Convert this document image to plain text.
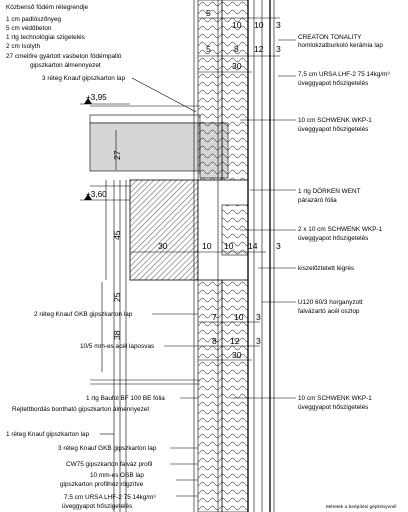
Közbenső födém rétegrendje
1 cm padlószőnyeg
5 cm védőbeton
1 rtg technológiai szigetelés
2 cm Isolyth
27 cmelőre gyártott vasbeton födémpalló
gipszkarton álmennyezet
+3,95
+3,60
3 réteg Knauf gipszkarton lap
2 réteg Knauf GKB gipszkarton lap
10/5 mm-es acél laposvas
1 rtg Baufol BF 100 BE fólia
Rejtettbordás bontható gipszkarton álmennyezet
1 réteg Knauf gipszkarton lap
3 réteg Knauf GKB gipszkarton lap
CW75 gipszkarton falváz profil
10 mm-es OSB lap
gipszkarton profilhoz rögzítve
7,5 cm URSA LHF-2 75 14kg/m³
üveggyapot hőszigetelés
CREATON TONALITY
homlokzatburkoló kerámia lap
7,5 cm URSA LHF-2 75 14kg/m³
üveggyapot hőszigetelés
10 cm SCHWENK WKP-1
üveggyapot hőszigetelés
1 rtg DÖRKEN WENT
párazáró fólia
2 x 10 cm SCHWENK WKP-1
üveggyapot hőszigetelés
kiszelőztetett légrés
U120 60/3 horganyzott
falvázartó acél oszlop
10 cm SCHWENK WKP-1
üveggyapot hőszigetelés
Méretek a beépítési gépkönyvnél
10 10 3
8 12 3
30
5
5
27
45
30	10 10 14 3
7 10 3
8 12 3
30
25
38
